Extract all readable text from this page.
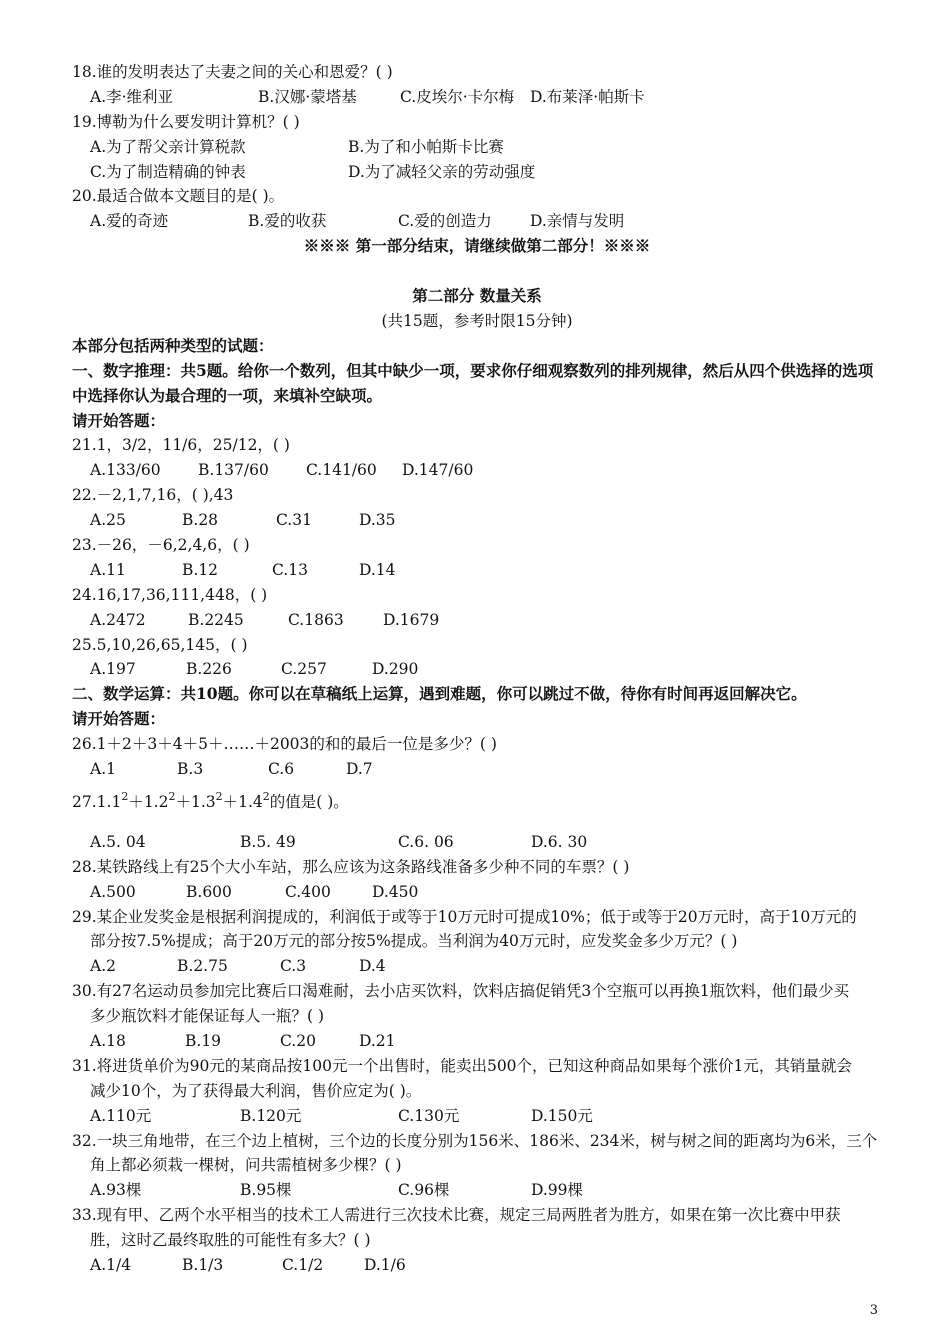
18.谁的发明表达了夫妻之间的关心和恩爱？( )
A.李·维利亚	B.汉娜·蒙塔基	C.皮埃尔·卡尔梅	D.布莱泽·帕斯卡
19.博勒为什么要发明计算机？( )
A.为了帮父亲计算税款	B.为了和小帕斯卡比赛
C.为了制造精确的钟表	D.为了减轻父亲的劳动强度
20.最适合做本文题目的是( )。
A.爱的奇迹	B.爱的收获	C.爱的创造力	D.亲情与发明
※※※ 第一部分结束，请继续做第二部分！※※※
第二部分 数量关系
(共15题，参考时限15分钟)
本部分包括两种类型的试题：
一、数字推理：共5题。给你一个数列，但其中缺少一项，要求你仔细观察数列的排列规律，然后从四个供选择的选项中选择你认为最合理的一项，来填补空缺项。
请开始答题：
21.1，3/2，11/6，25/12，( )
A.133/60	B.137/60	C.141/60	D.147/60
22.－2,1,7,16，( ),43
A.25	B.28	C.31	D.35
23.－26，－6,2,4,6，( )
A.11	B.12	C.13	D.14
24.16,17,36,111,448，( )
A.2472	B.2245	C.1863	D.1679
25.5,10,26,65,145，( )
A.197	B.226	C.257	D.290
二、数学运算：共10题。你可以在草稿纸上运算，遇到难题，你可以跳过不做，待你有时间再返回解决它。
请开始答题：
26.1＋2＋3＋4＋5＋……＋2003的和的最后一位是多少？( )
A.1	B.3	C.6	D.7
$27.1.1^2+1.2^2+1.3^2+1.4^2$的值是( )。
A.5. 04	B.5. 49	C.6. 06	D.6. 30
28.某铁路线上有25个大小车站，那么应该为这条路线准备多少种不同的车票？( )
A.500	B.600	C.400	D.450
29.某企业发奖金是根据利润提成的，利润低于或等于10万元时可提成10%；低于或等于20万元时，高于10万元的
部分按7.5%提成；高于20万元的部分按5%提成。当利润为40万元时，应发奖金多少万元？( )
A.2	B.2.75	C.3	D.4
30.有27名运动员参加完比赛后口渴难耐，去小店买饮料，饮料店搞促销凭3个空瓶可以再换1瓶饮料，他们最少买
多少瓶饮料才能保证每人一瓶？( )
A.18	B.19	C.20	D.21
31.将进货单价为90元的某商品按100元一个出售时，能卖出500个，已知这种商品如果每个涨价1元，其销量就会
减少10个，为了获得最大利润，售价应定为( )。
A.110元	B.120元	C.130元	D.150元
32.一块三角地带，在三个边上植树，三个边的长度分别为156米、186米、234米，树与树之间的距离均为6米，三个
角上都必须栽一棵树，问共需植树多少棵？( )
A.93棵	B.95棵	C.96棵	D.99棵
33.现有甲、乙两个水平相当的技术工人需进行三次技术比赛，规定三局两胜者为胜方，如果在第一次比赛中甲获
胜，这时乙最终取胜的可能性有多大？( )
A.1/4	B.1/3	C.1/2	D.1/6
3
